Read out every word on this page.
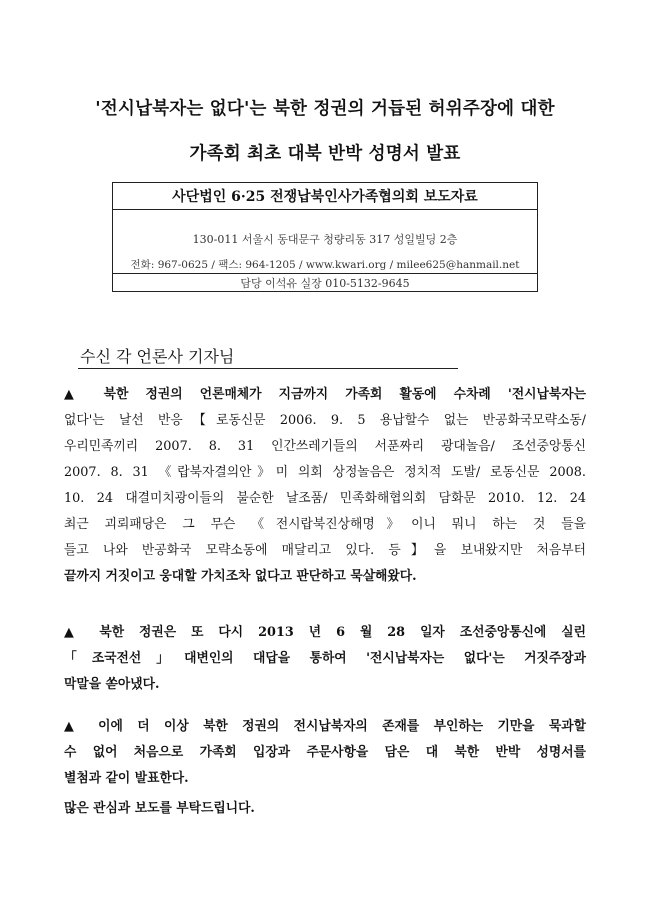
'전시납북자는 없다'는 북한 정권의 거듭된 허위주장에 대한
가족회 최초 대북 반박 성명서 발표
사단법인 6·25 전쟁납북인사가족협의회 보도자료
130-011 서울시 동대문구 청량리동 317 성일빌딩 2층
전화: 967-0625 / 팩스: 964-1205 / www.kwari.org / milee625@hanmail.net
담당 이석유 실장 010-5132-9645
수신 각 언론사 기자님
▲ 북한 정권의 언론매체가 지금까지 가족회 활동에 수차례 '전시납북자는
없다'는 날선 반응【로동신문 2006. 9. 5 용납할수 없는 반공화국모략소동/
우리민족끼리 2007. 8. 31 인간쓰레기들의 서푼짜리 광대놀음/ 조선중앙통신
2007. 8. 31 《랍북자결의안》미 의회 상정놀음은 정치적 도발/ 로동신문 2008.
10. 24 대결미치광이들의 불순한 날조품/ 민족화해협의회 담화문 2010. 12. 24
최근 괴뢰패당은 그 무슨 《전시랍북진상해명》이니 뭐니 하는 것 들을
들고 나와 반공화국 모략소동에 매달리고 있다. 등】을 보내왔지만 처음부터
끝까지 거짓이고 웅대할 가치조차 없다고 판단하고 묵살해왔다.
▲ 북한 정권은 또 다시 2013 년 6 월 28 일자 조선중앙통신에 실린
「조국전선」대변인의 대답을 통하여 '전시납북자는 없다'는 거짓주장과
막말을 쏟아냈다.
▲ 이에 더 이상 북한 정권의 전시납북자의 존재를 부인하는 기만을 묵과할
수 없어 처음으로 가족회 입장과 주문사항을 담은 대 북한 반박 성명서를
별첨과 같이 발표한다.
많은 관심과 보도를 부탁드립니다.
